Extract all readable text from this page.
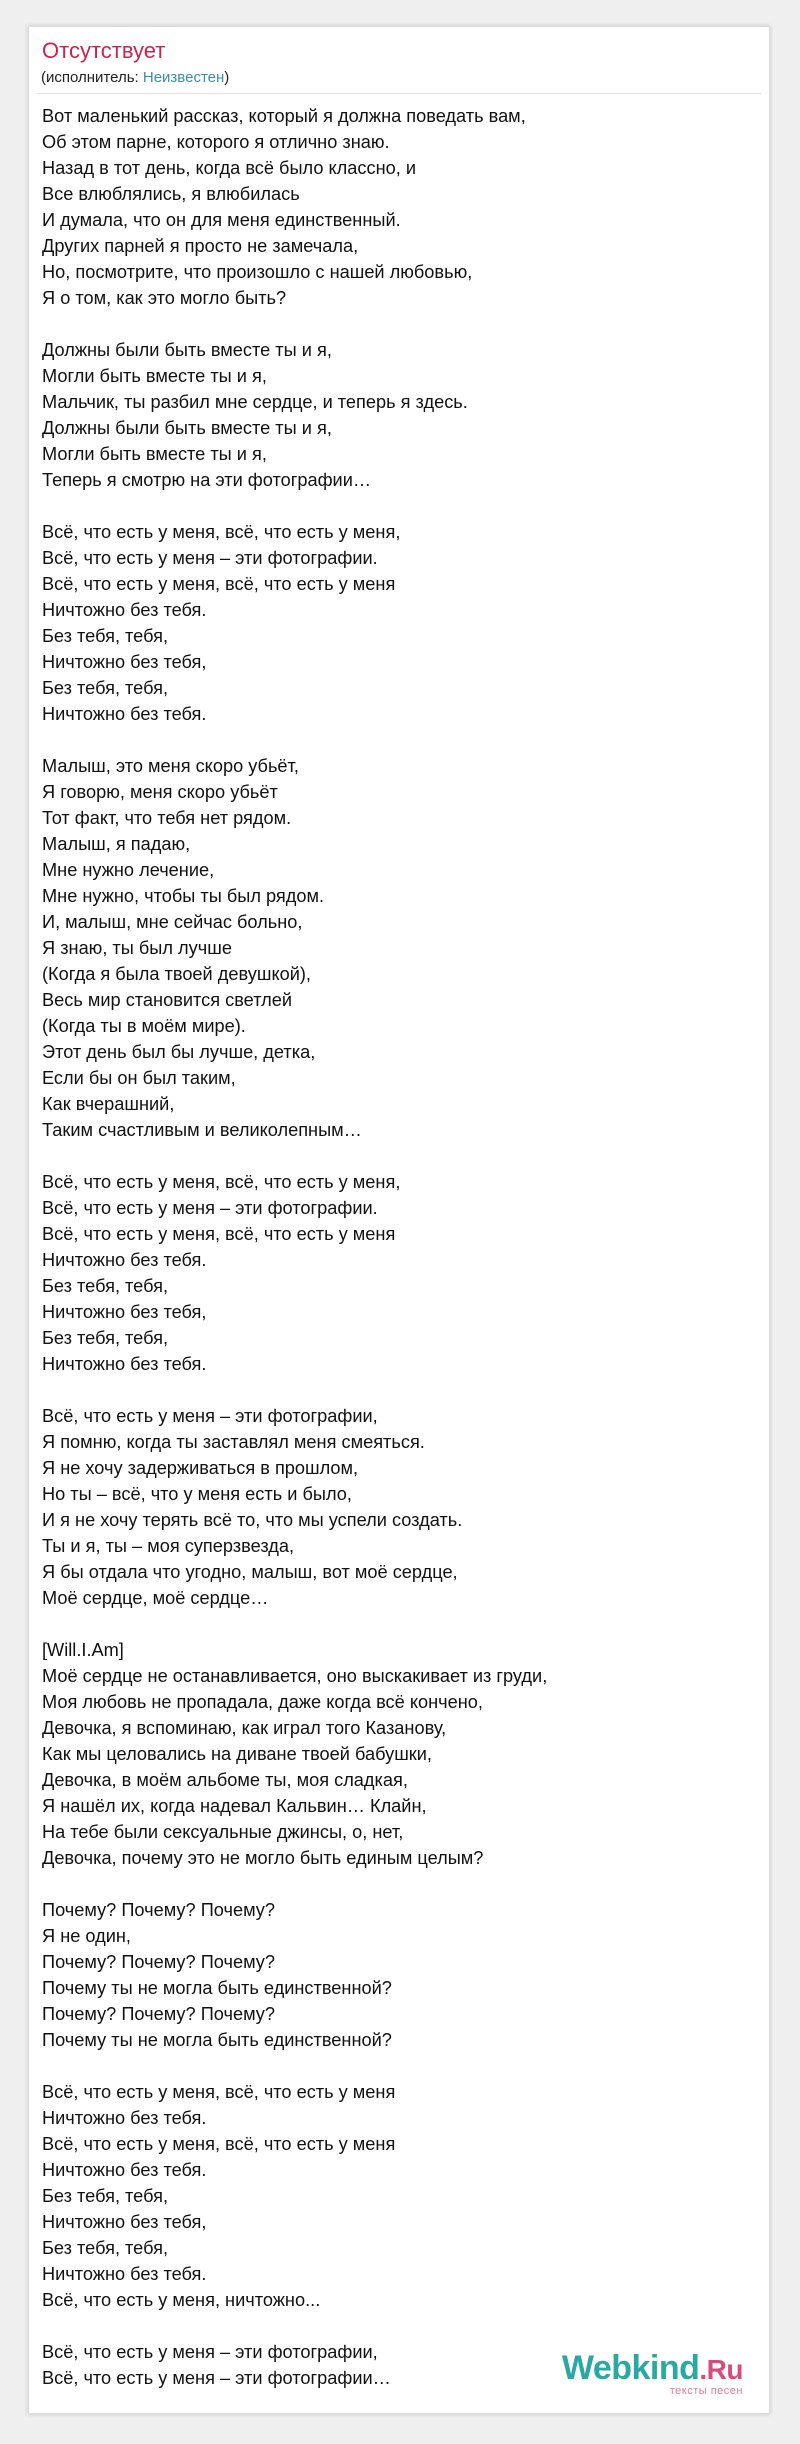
Отсутствует
(исполнитель: Неизвестен)
Вот маленький рассказ, который я должна поведать вам,
Об этом парне, которого я отлично знаю.
Назад в тот день, когда всё было классно, и
Все влюблялись, я влюбилась
И думала, что он для меня единственный.
Других парней я просто не замечала,
Но, посмотрите, что произошло с нашей любовью,
Я о том, как это могло быть?
Должны были быть вместе ты и я,
Могли быть вместе ты и я,
Мальчик, ты разбил мне сердце, и теперь я здесь.
Должны были быть вместе ты и я,
Могли быть вместе ты и я,
Теперь я смотрю на эти фотографии…
Всё, что есть у меня, всё, что есть у меня,
Всё, что есть у меня – эти фотографии.
Всё, что есть у меня, всё, что есть у меня
Ничтожно без тебя.
Без тебя, тебя,
Ничтожно без тебя,
Без тебя, тебя,
Ничтожно без тебя.
Малыш, это меня скоро убьёт,
Я говорю, меня скоро убьёт
Тот факт, что тебя нет рядом.
Малыш, я падаю,
Мне нужно лечение,
Мне нужно, чтобы ты был рядом.
И, малыш, мне сейчас больно,
Я знаю, ты был лучше
(Когда я была твоей девушкой),
Весь мир становится светлей
(Когда ты в моём мире).
Этот день был бы лучше, детка,
Если бы он был таким,
Как вчерашний,
Таким счастливым и великолепным…
Всё, что есть у меня, всё, что есть у меня,
Всё, что есть у меня – эти фотографии.
Всё, что есть у меня, всё, что есть у меня
Ничтожно без тебя.
Без тебя, тебя,
Ничтожно без тебя,
Без тебя, тебя,
Ничтожно без тебя.
Всё, что есть у меня – эти фотографии,
Я помню, когда ты заставлял меня смеяться.
Я не хочу задерживаться в прошлом,
Но ты – всё, что у меня есть и было,
И я не хочу терять всё то, что мы успели создать.
Ты и я, ты – моя суперзвезда,
Я бы отдала что угодно, малыш, вот моё сердце,
Моё сердце, моё сердце…
[Will.I.Am]
Моё сердце не останавливается, оно выскакивает из груди,
Моя любовь не пропадала, даже когда всё кончено,
Девочка, я вспоминаю, как играл того Казанову,
Как мы целовались на диване твоей бабушки,
Девочка, в моём альбоме ты, моя сладкая,
Я нашёл их, когда надевал Кальвин… Клайн,
На тебе были сексуальные джинсы, о, нет,
Девочка, почему это не могло быть единым целым?
Почему? Почему? Почему?
Я не один,
Почему? Почему? Почему?
Почему ты не могла быть единственной?
Почему? Почему? Почему?
Почему ты не могла быть единственной?
Всё, что есть у меня, всё, что есть у меня
Ничтожно без тебя.
Всё, что есть у меня, всё, что есть у меня
Ничтожно без тебя.
Без тебя, тебя,
Ничтожно без тебя,
Без тебя, тебя,
Ничтожно без тебя.
Всё, что есть у меня, ничтожно...
Всё, что есть у меня – эти фотографии,
Всё, что есть у меня – эти фотографии…	Webkind.Ru
тексты песен
